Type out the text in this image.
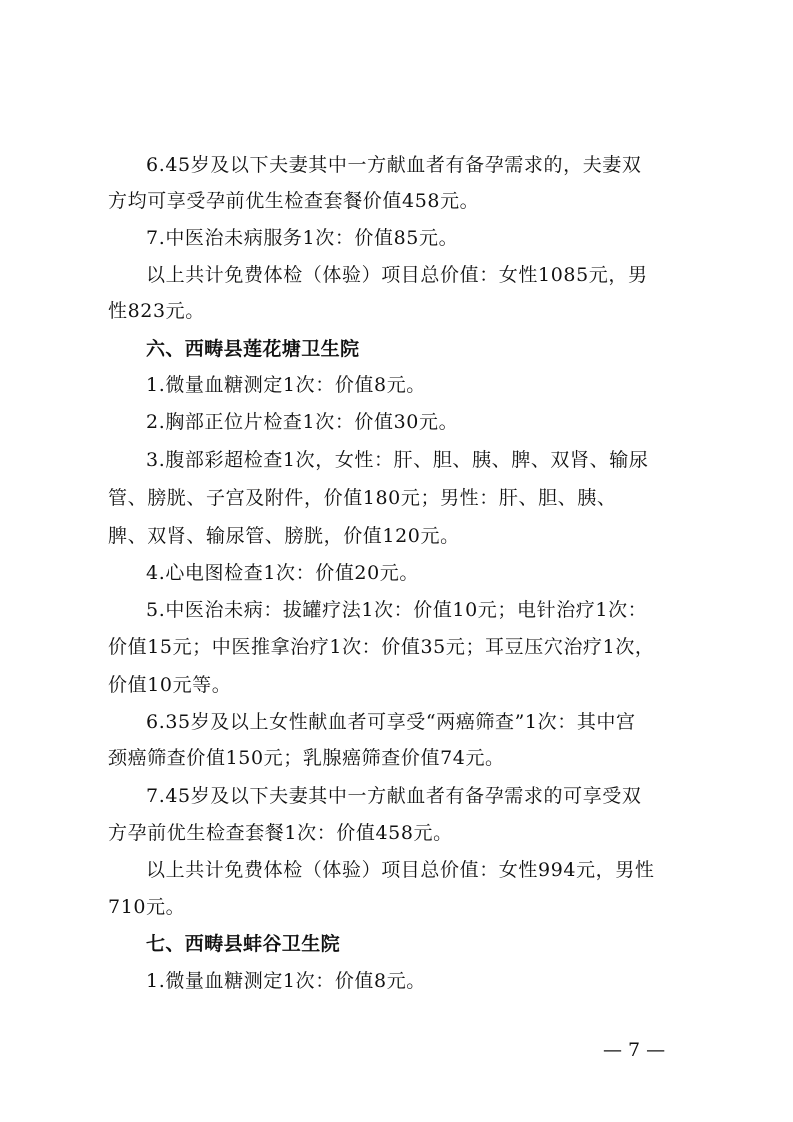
6.45岁及以下夫妻其中一方献血者有备孕需求的，夫妻双
方均可享受孕前优生检查套餐价值458元。
7.中医治未病服务1次：价值85元。
以上共计免费体检（体验）项目总价值：女性1085元，男
性823元。
六、西畴县莲花塘卫生院
1.微量血糖测定1次：价值8元。
2.胸部正位片检查1次：价值30元。
3.腹部彩超检查1次，女性：肝、胆、胰、脾、双肾、输尿
管、膀胱、子宫及附件，价值180元；男性：肝、胆、胰、
脾、双肾、输尿管、膀胱，价值120元。
4.心电图检查1次：价值20元。
5.中医治未病：拔罐疗法1次：价值10元；电针治疗1次：
价值15元；中医推拿治疗1次：价值35元；耳豆压穴治疗1次，
价值10元等。
6.35岁及以上女性献血者可享受“两癌筛查”1次：其中宫
颈癌筛查价值150元；乳腺癌筛查价值74元。
7.45岁及以下夫妻其中一方献血者有备孕需求的可享受双
方孕前优生检查套餐1次：价值458元。
以上共计免费体检（体验）项目总价值：女性994元，男性
710元。
七、西畴县蚌谷卫生院
1.微量血糖测定1次：价值8元。
— 7 —
